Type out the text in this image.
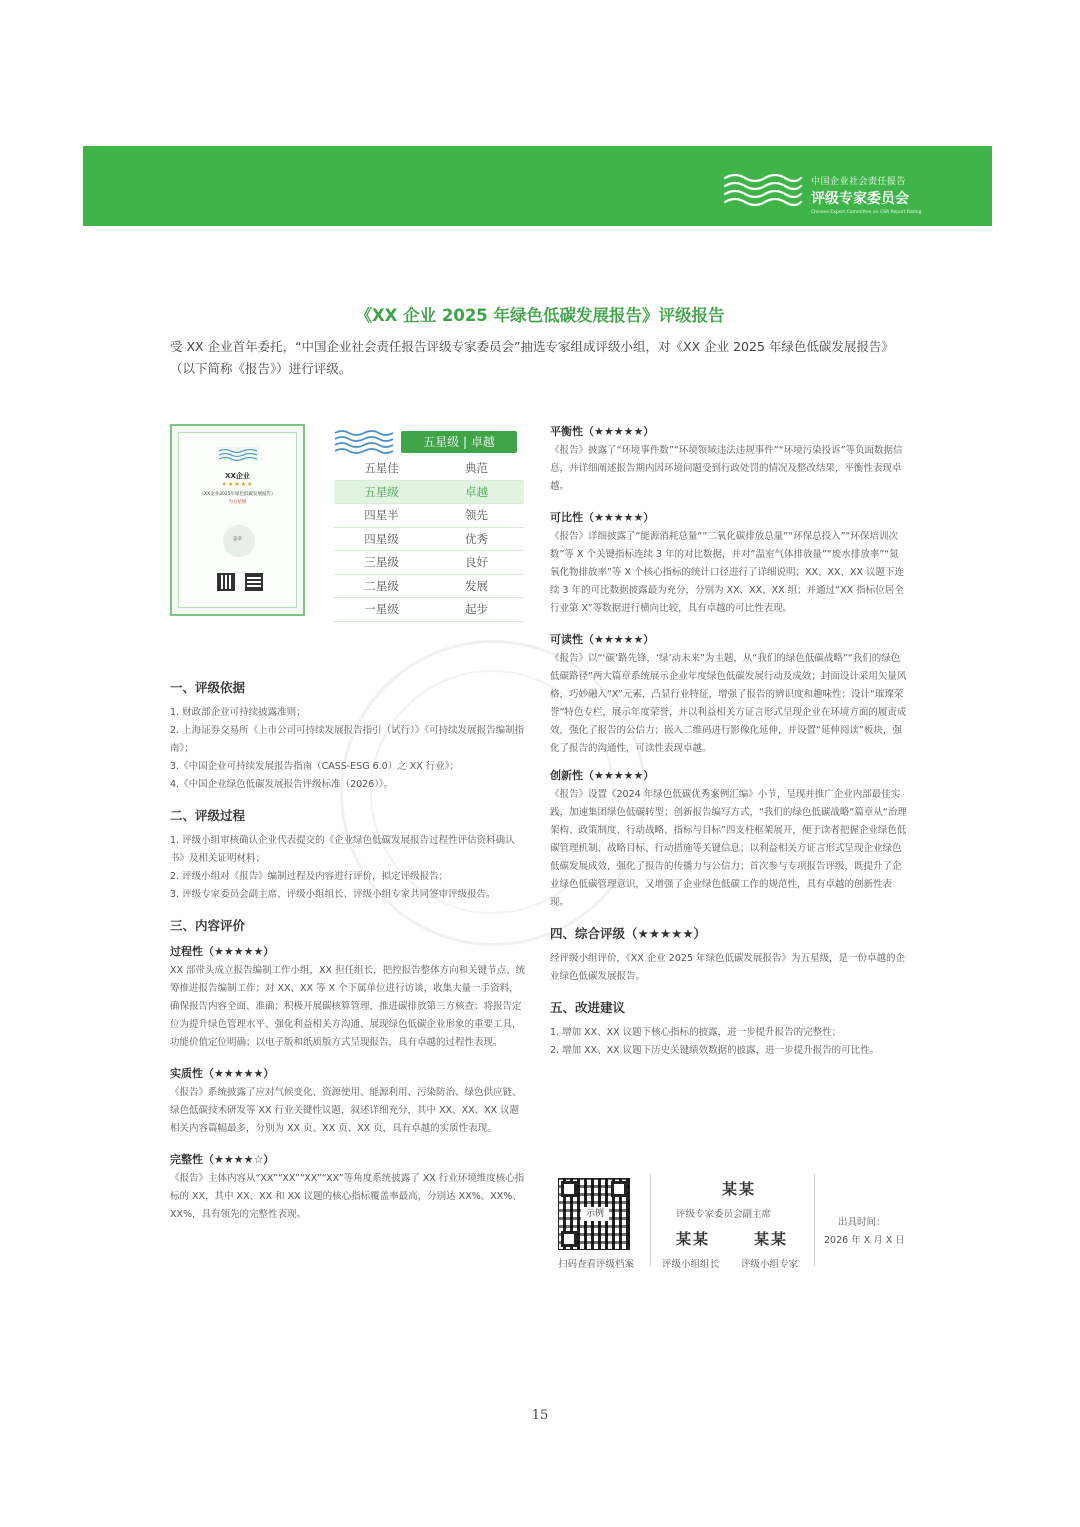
中国企业社会责任报告
评级专家委员会
Chinese Expert Committee on CSR Report Rating
《XX 企业 2025 年绿色低碳发展报告》评级报告
受 XX 企业首年委托，“中国企业社会责任报告评级专家委员会”抽选专家组成评级小组，对《XX 企业 2025 年绿色低碳发展报告》（以下简称《报告》）进行评级。
XX企业
★★★★★
《XX企业2025年绿色低碳发展报告》
为五星级
盖章
五星级 | 卓越
五星佳	典范
五星级	卓越
四星半	领先
四星级	优秀
三星级	良好
二星级	发展
一星级	起步
一、评级依据

1. 财政部企业可持续披露准则；

2. 上海证券交易所《上市公司可持续发展报告指引（试行）》《可持续发展报告编制指南》；

3.《中国企业可持续发展报告指南（CASS-ESG 6.0）之 XX 行业》；

4.《中国企业绿色低碳发展报告评级标准（2026）》。

二、评级过程

1. 评级小组审核确认企业代表提交的《企业绿色低碳发展报告过程性评估资料确认书》及相关证明材料；

2. 评级小组对《报告》编制过程及内容进行评价，拟定评级报告；

3. 评级专家委员会副主席、评级小组组长、评级小组专家共同签审评级报告。

三、内容评价
过程性（★★★★★）

XX 部带头成立报告编制工作小组，XX 担任组长，把控报告整体方向和关键节点、统筹推进报告编制工作；对 XX、XX 等 X 个下属单位进行访谈，收集大量一手资料，确保报告内容全面、准确；积极开展碳核算管理，推进碳排放第三方核查；将报告定位为提升绿色管理水平、强化利益相关方沟通、展现绿色低碳企业形象的重要工具，功能价值定位明确；以电子版和纸质版方式呈现报告，具有卓越的过程性表现。

实质性（★★★★★）

《报告》系统披露了应对气候变化、资源使用、能源利用、污染防治、绿色供应链、绿色低碳技术研发等 XX 行业关键性议题，叙述详细充分，其中 XX、XX、XX 议题相关内容篇幅最多，分别为 XX 页、XX 页、XX 页，具有卓越的实质性表现。

完整性（★★★★☆）

《报告》主体内容从“XX”“XX”“XX”“XX”等角度系统披露了 XX 行业环境维度核心指标的 XX，其中 XX、XX 和 XX 议题的核心指标覆盖率最高，分别达 XX%、XX%、XX%，具有领先的完整性表现。

平衡性（★★★★★）

《报告》披露了“环境事件数”“环境领域违法违规事件”“环境污染投诉”等负面数据信息，并详细阐述报告期内因环境问题受到行政处罚的情况及整改结果，平衡性表现卓越。

可比性（★★★★★）

《报告》详细披露了“能源消耗总量”“二氧化碳排放总量”“环保总投入”“环保培训次数”等 X 个关键指标连续 3 年的对比数据，并对“温室气体排放量”“废水排放率”“氮氧化物排放率”等 X 个核心指标的统计口径进行了详细说明；XX、XX、XX 议题下连续 3 年的可比数据披露最为充分，分别为 XX、XX、XX 组；并通过“XX 指标位居全行业第 X”等数据进行横向比较，具有卓越的可比性表现。

可读性（★★★★★）

《报告》以“‘碳’路先锋，‘绿’动未来”为主题，从“我们的绿色低碳战略”“我们的绿色低碳路径”两大篇章系统展示企业年度绿色低碳发展行动及成效；封面设计采用矢量风格，巧妙融入“X”元素，凸显行业特征，增强了报告的辨识度和趣味性；设计“璀璨荣誉”特色专栏，展示年度荣誉，并以利益相关方证言形式呈现企业在环境方面的履责成效，强化了报告的公信力；嵌入二维码进行影像化延伸，并设置“延伸阅读”板块，强化了报告的沟通性，可读性表现卓越。

创新性（★★★★★）

《报告》设置《2024 年绿色低碳优秀案例汇编》小节，呈现并推广企业内部最佳实践，加速集团绿色低碳转型；创新报告编写方式，“我们的绿色低碳战略”篇章从“治理架构、政策制度、行动战略、指标与目标”四支柱框架展开，便于读者把握企业绿色低碳管理机制、战略目标、行动措施等关键信息；以利益相关方证言形式呈现企业绿色低碳发展成效，强化了报告的传播力与公信力；首次参与专项报告评级，既提升了企业绿色低碳管理意识，又增强了企业绿色低碳工作的规范性，具有卓越的创新性表现。

四、综合评级（★★★★★）

经评级小组评价，《XX 企业 2025 年绿色低碳发展报告》为五星级，是一份卓越的企业绿色低碳发展报告。

五、改进建议

1. 增加 XX、XX 议题下核心指标的披露，进一步提升报告的完整性；

2. 增加 XX、XX 议题下历史关键绩效数据的披露，进一步提升报告的可比性。

示例
扫码查看评级档案
某某
评级专家委员会副主席
某某	某某
评级小组组长 评级小组专家
出具时间：
2026 年 X 月 X 日
15
